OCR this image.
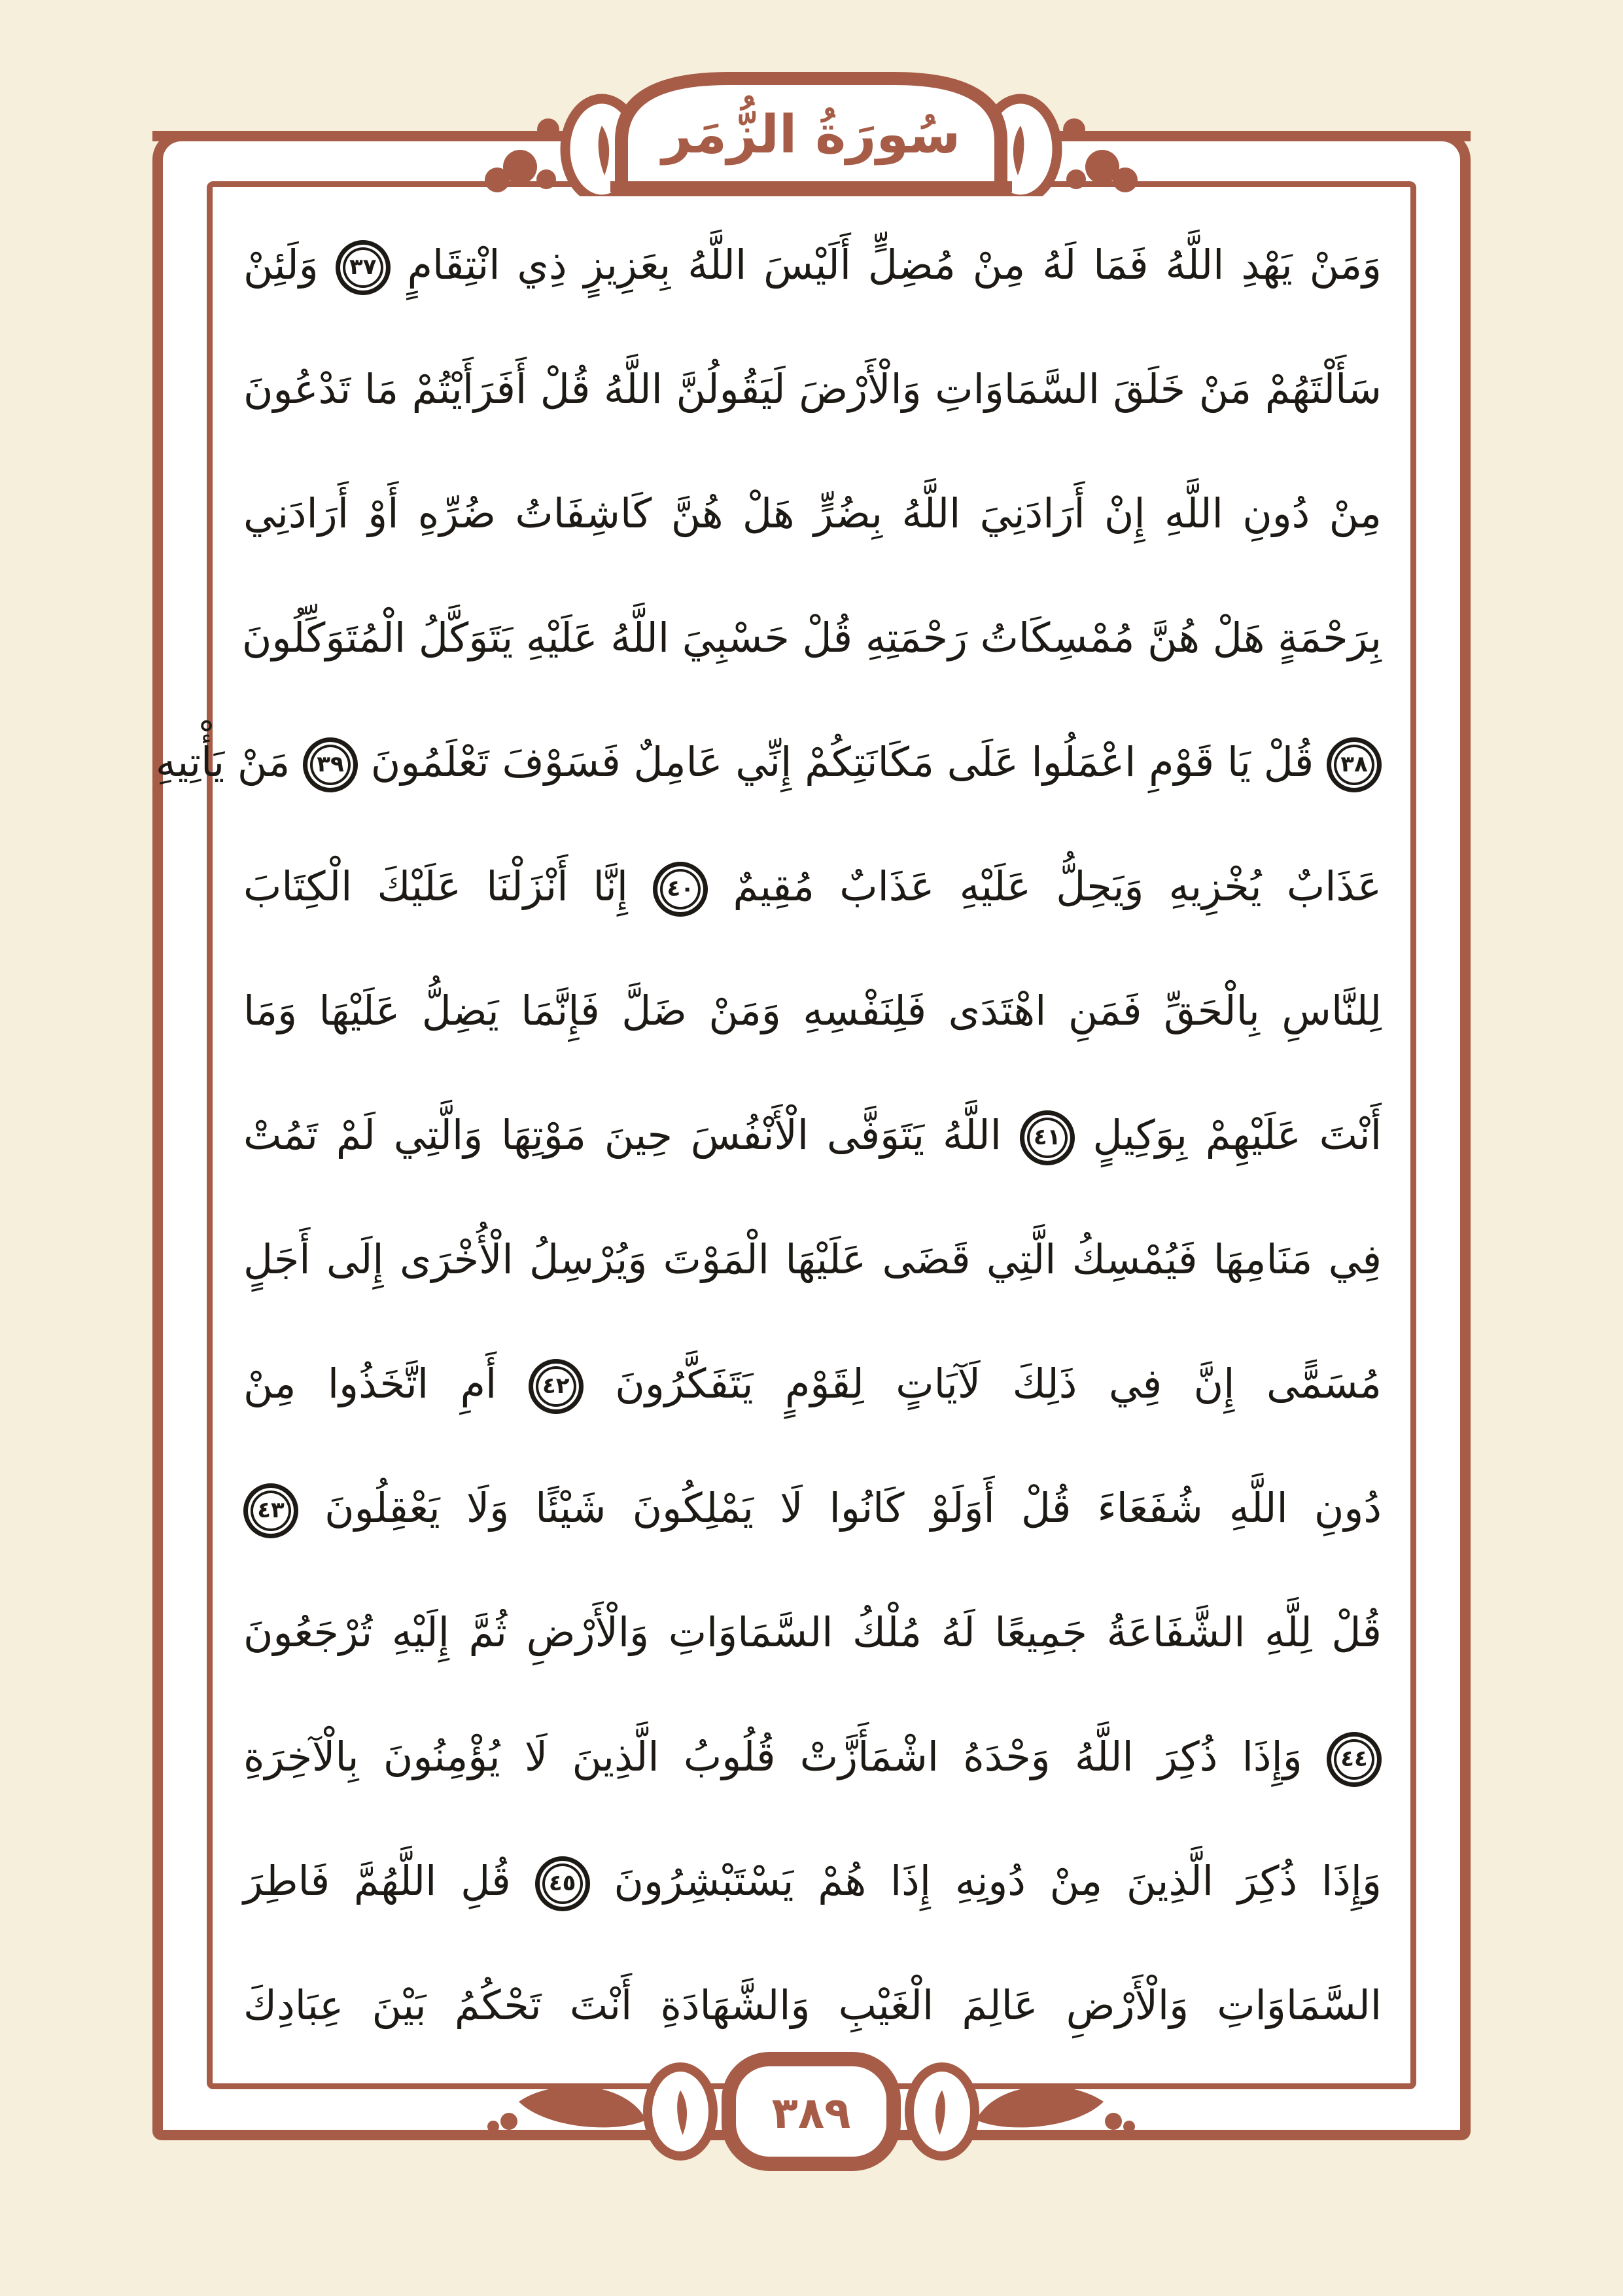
سُورَةُ الزُّمَر
وَمَنْ يَهْدِ اللَّهُ فَمَا لَهُ مِنْ مُضِلٍّ أَلَيْسَ اللَّهُ بِعَزِيزٍ ذِي انْتِقَامٍ ٣٧ وَلَئِنْ
سَأَلْتَهُمْ مَنْ خَلَقَ السَّمَاوَاتِ وَالْأَرْضَ لَيَقُولُنَّ اللَّهُ قُلْ أَفَرَأَيْتُمْ مَا تَدْعُونَ
مِنْ دُونِ اللَّهِ إِنْ أَرَادَنِيَ اللَّهُ بِضُرٍّ هَلْ هُنَّ كَاشِفَاتُ ضُرِّهِ أَوْ أَرَادَنِي
بِرَحْمَةٍ هَلْ هُنَّ مُمْسِكَاتُ رَحْمَتِهِ قُلْ حَسْبِيَ اللَّهُ عَلَيْهِ يَتَوَكَّلُ الْمُتَوَكِّلُونَ
٣٨ قُلْ يَا قَوْمِ اعْمَلُوا عَلَى مَكَانَتِكُمْ إِنِّي عَامِلٌ فَسَوْفَ تَعْلَمُونَ ٣٩ مَنْ يَأْتِيهِ
عَذَابٌ يُخْزِيهِ وَيَحِلُّ عَلَيْهِ عَذَابٌ مُقِيمٌ ٤٠ إِنَّا أَنْزَلْنَا عَلَيْكَ الْكِتَابَ
لِلنَّاسِ بِالْحَقِّ فَمَنِ اهْتَدَى فَلِنَفْسِهِ وَمَنْ ضَلَّ فَإِنَّمَا يَضِلُّ عَلَيْهَا وَمَا
أَنْتَ عَلَيْهِمْ بِوَكِيلٍ ٤١ اللَّهُ يَتَوَفَّى الْأَنْفُسَ حِينَ مَوْتِهَا وَالَّتِي لَمْ تَمُتْ
فِي مَنَامِهَا فَيُمْسِكُ الَّتِي قَضَى عَلَيْهَا الْمَوْتَ وَيُرْسِلُ الْأُخْرَى إِلَى أَجَلٍ
مُسَمًّى إِنَّ فِي ذَلِكَ لَآيَاتٍ لِقَوْمٍ يَتَفَكَّرُونَ ٤٢ أَمِ اتَّخَذُوا مِنْ
دُونِ اللَّهِ شُفَعَاءَ قُلْ أَوَلَوْ كَانُوا لَا يَمْلِكُونَ شَيْئًا وَلَا يَعْقِلُونَ ٤٣
قُلْ لِلَّهِ الشَّفَاعَةُ جَمِيعًا لَهُ مُلْكُ السَّمَاوَاتِ وَالْأَرْضِ ثُمَّ إِلَيْهِ تُرْجَعُونَ
٤٤ وَإِذَا ذُكِرَ اللَّهُ وَحْدَهُ اشْمَأَزَّتْ قُلُوبُ الَّذِينَ لَا يُؤْمِنُونَ بِالْآخِرَةِ
وَإِذَا ذُكِرَ الَّذِينَ مِنْ دُونِهِ إِذَا هُمْ يَسْتَبْشِرُونَ ٤٥ قُلِ اللَّهُمَّ فَاطِرَ
السَّمَاوَاتِ وَالْأَرْضِ عَالِمَ الْغَيْبِ وَالشَّهَادَةِ أَنْتَ تَحْكُمُ بَيْنَ عِبَادِكَ
٣٨٩
